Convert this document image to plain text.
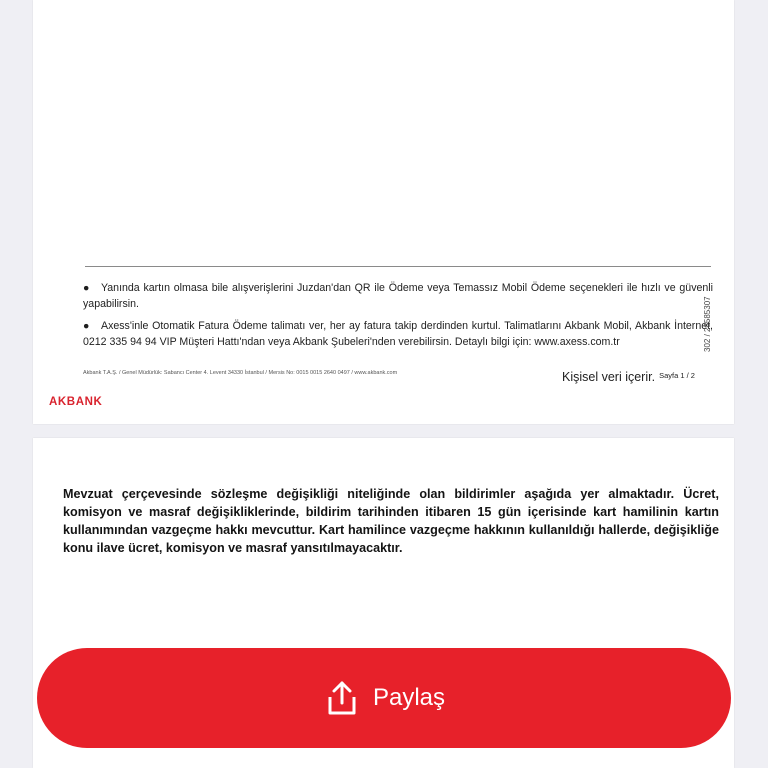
● Yanında kartın olmasa bile alışverişlerini Juzdan'dan QR ile Ödeme veya Temassız Mobil Ödeme seçenekleri ile hızlı ve güvenli yapabilirsin.
● Axess'inle Otomatik Fatura Ödeme talimatı ver, her ay fatura takip derdinden kurtul. Talimatlarını Akbank Mobil, Akbank İnternet, 0212 335 94 94 VIP Müşteri Hattı'ndan veya Akbank Şubeleri'nden verebilirsin. Detaylı bilgi için: www.axess.com.tr	302 / 28585307
Akbank T.A.Ş. / Genel Müdürlük: Sabancı Center 4. Levent 34330 İstanbul / Mersis No: 0015 0015 2640 0497 / www.akbank.com	Kişisel veri içerir. $^{Sayfa 1 / 2}$
AKBANK
Mevzuat çerçevesinde sözleşme değişikliği niteliğinde olan bildirimler aşağıda yer almaktadır. Ücret, komisyon ve masraf değişikliklerinde, bildirim tarihinden itibaren 15 gün içerisinde kart hamilinin kartın kullanımından vazgeçme hakkı mevcuttur. Kart hamilince vazgeçme hakkının kullanıldığı hallerde, değişikliğe konu ilave ücret, komisyon ve masraf yansıtılmayacaktır.
Paylaş
